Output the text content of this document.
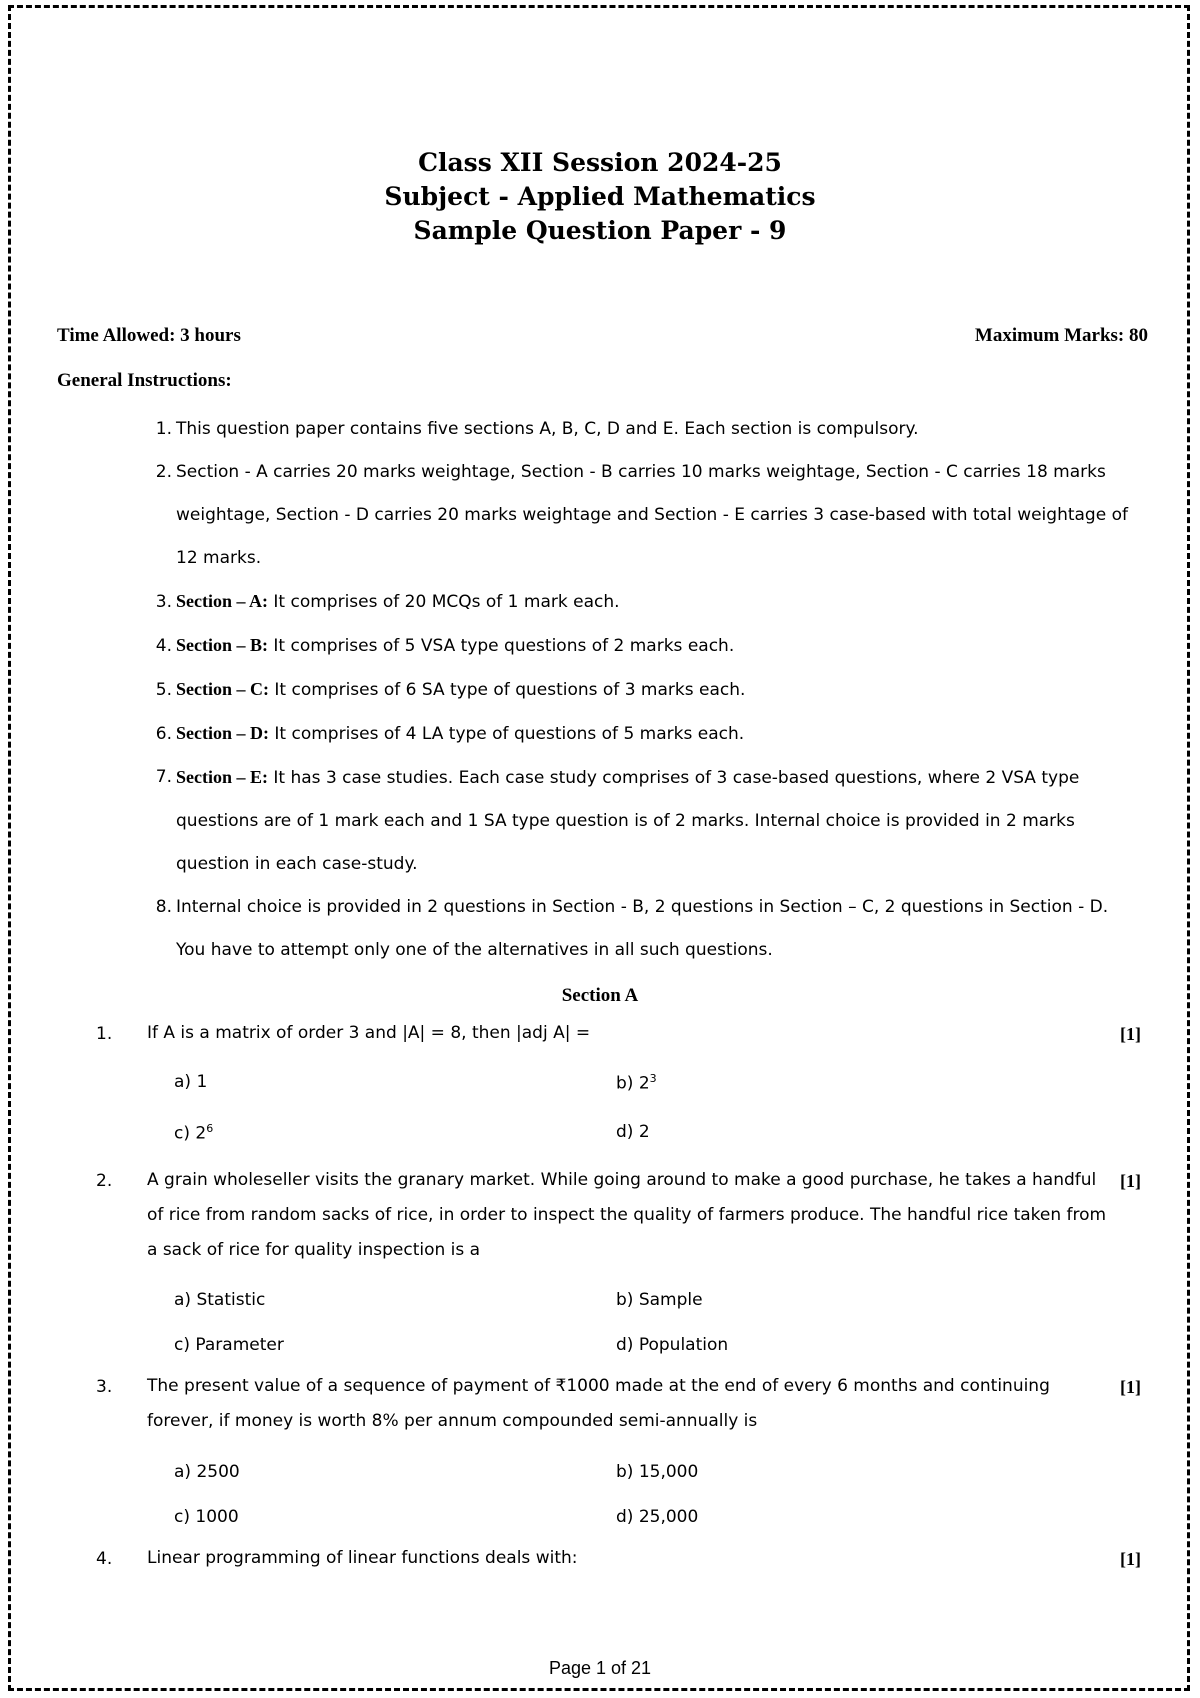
Class XII Session 2024-25
Subject - Applied Mathematics
Sample Question Paper - 9
Time Allowed: 3 hours	Maximum Marks: 80
General Instructions:
1. This question paper contains five sections A, B, C, D and E. Each section is compulsory.
2. Section - A carries 20 marks weightage, Section - B carries 10 marks weightage, Section - C carries 18 marks weightage, Section - D carries 20 marks weightage and Section - E carries 3 case-based with total weightage of 12 marks.
3. Section – A: It comprises of 20 MCQs of 1 mark each.
4. Section – B: It comprises of 5 VSA type questions of 2 marks each.
5. Section – C: It comprises of 6 SA type of questions of 3 marks each.
6. Section – D: It comprises of 4 LA type of questions of 5 marks each.
7. Section – E: It has 3 case studies. Each case study comprises of 3 case-based questions, where 2 VSA type questions are of 1 mark each and 1 SA type question is of 2 marks. Internal choice is provided in 2 marks question in each case-study.
8. Internal choice is provided in 2 questions in Section - B, 2 questions in Section – C, 2 questions in Section - D. You have to attempt only one of the alternatives in all such questions.
Section A
1. If A is a matrix of order 3 and |A| = 8, then |adj A| =	[1]
a) 1	b) $2^3$
c) $2^6$	d) 2
2. A grain wholeseller visits the granary market. While going around to make a good purchase, he takes a handful of rice from random sacks of rice, in order to inspect the quality of farmers produce. The handful rice taken from a sack of rice for quality inspection is a
[1]
a) Statistic	b) Sample
c) Parameter	d) Population
3. The present value of a sequence of payment of ₹1000 made at the end of every 6 months and continuing forever, if money is worth 8% per annum compounded semi-annually is
[1]
a) 2500	b) 15,000
c) 1000	d) 25,000
4. Linear programming of linear functions deals with:	[1]
Page 1 of 21
